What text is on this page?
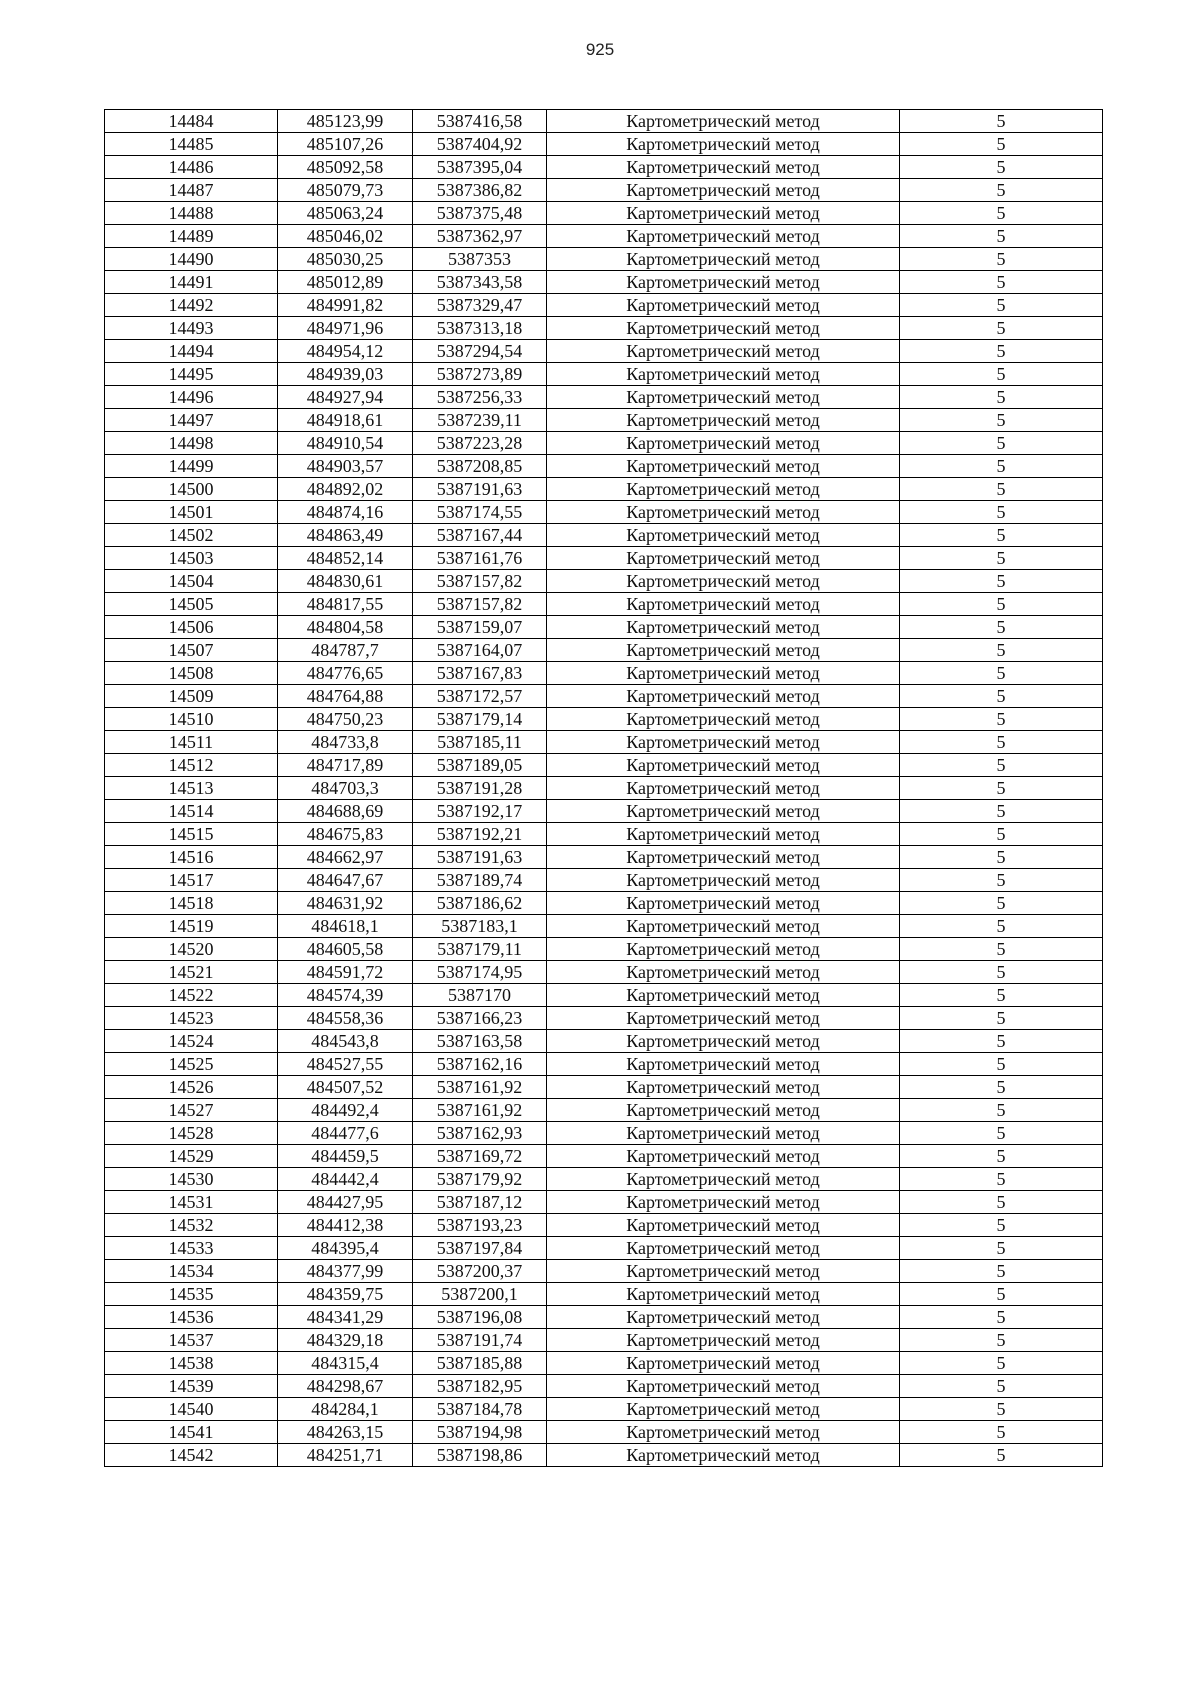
925
14484	485123,99	5387416,58	Картометрический метод	5
14485	485107,26	5387404,92	Картометрический метод	5
14486	485092,58	5387395,04	Картометрический метод	5
14487	485079,73	5387386,82	Картометрический метод	5
14488	485063,24	5387375,48	Картометрический метод	5
14489	485046,02	5387362,97	Картометрический метод	5
14490	485030,25	5387353	Картометрический метод	5
14491	485012,89	5387343,58	Картометрический метод	5
14492	484991,82	5387329,47	Картометрический метод	5
14493	484971,96	5387313,18	Картометрический метод	5
14494	484954,12	5387294,54	Картометрический метод	5
14495	484939,03	5387273,89	Картометрический метод	5
14496	484927,94	5387256,33	Картометрический метод	5
14497	484918,61	5387239,11	Картометрический метод	5
14498	484910,54	5387223,28	Картометрический метод	5
14499	484903,57	5387208,85	Картометрический метод	5
14500	484892,02	5387191,63	Картометрический метод	5
14501	484874,16	5387174,55	Картометрический метод	5
14502	484863,49	5387167,44	Картометрический метод	5
14503	484852,14	5387161,76	Картометрический метод	5
14504	484830,61	5387157,82	Картометрический метод	5
14505	484817,55	5387157,82	Картометрический метод	5
14506	484804,58	5387159,07	Картометрический метод	5
14507	484787,7	5387164,07	Картометрический метод	5
14508	484776,65	5387167,83	Картометрический метод	5
14509	484764,88	5387172,57	Картометрический метод	5
14510	484750,23	5387179,14	Картометрический метод	5
14511	484733,8	5387185,11	Картометрический метод	5
14512	484717,89	5387189,05	Картометрический метод	5
14513	484703,3	5387191,28	Картометрический метод	5
14514	484688,69	5387192,17	Картометрический метод	5
14515	484675,83	5387192,21	Картометрический метод	5
14516	484662,97	5387191,63	Картометрический метод	5
14517	484647,67	5387189,74	Картометрический метод	5
14518	484631,92	5387186,62	Картометрический метод	5
14519	484618,1	5387183,1	Картометрический метод	5
14520	484605,58	5387179,11	Картометрический метод	5
14521	484591,72	5387174,95	Картометрический метод	5
14522	484574,39	5387170	Картометрический метод	5
14523	484558,36	5387166,23	Картометрический метод	5
14524	484543,8	5387163,58	Картометрический метод	5
14525	484527,55	5387162,16	Картометрический метод	5
14526	484507,52	5387161,92	Картометрический метод	5
14527	484492,4	5387161,92	Картометрический метод	5
14528	484477,6	5387162,93	Картометрический метод	5
14529	484459,5	5387169,72	Картометрический метод	5
14530	484442,4	5387179,92	Картометрический метод	5
14531	484427,95	5387187,12	Картометрический метод	5
14532	484412,38	5387193,23	Картометрический метод	5
14533	484395,4	5387197,84	Картометрический метод	5
14534	484377,99	5387200,37	Картометрический метод	5
14535	484359,75	5387200,1	Картометрический метод	5
14536	484341,29	5387196,08	Картометрический метод	5
14537	484329,18	5387191,74	Картометрический метод	5
14538	484315,4	5387185,88	Картометрический метод	5
14539	484298,67	5387182,95	Картометрический метод	5
14540	484284,1	5387184,78	Картометрический метод	5
14541	484263,15	5387194,98	Картометрический метод	5
14542	484251,71	5387198,86	Картометрический метод	5
